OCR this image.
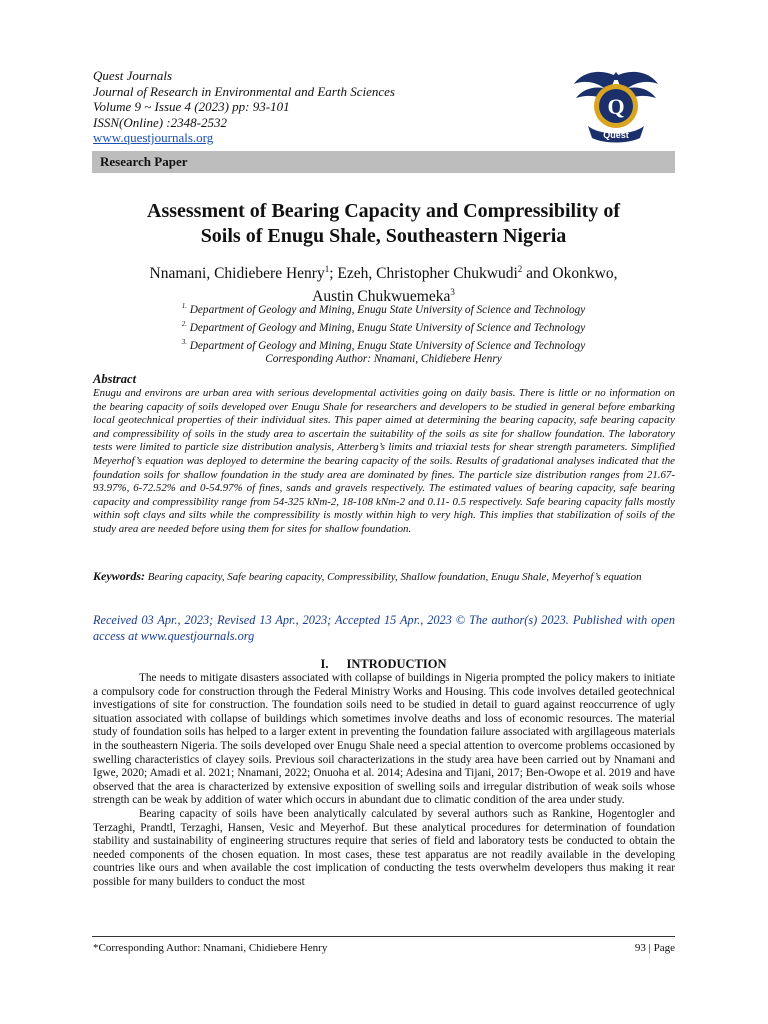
Quest Journals
Journal of Research in Environmental and Earth Sciences
Volume 9 ~ Issue 4 (2023) pp: 93-101
ISSN(Online) :2348-2532
www.questjournals.org
Q
Quest
Research Paper
Assessment of Bearing Capacity and Compressibility of
Soils of Enugu Shale, Southeastern Nigeria
Nnamani, Chidiebere Henry$^1$; Ezeh, Christopher Chukwudi$^2$ and Okonkwo,
Austin Chukwuemeka$^3$
$^{1.}$ Department of Geology and Mining, Enugu State University of Science and Technology
$^{2.}$ Department of Geology and Mining, Enugu State University of Science and Technology
$^{3.}$ Department of Geology and Mining, Enugu State University of Science and Technology
Corresponding Author: Nnamani, Chidiebere Henry
Abstract
Enugu and environs are urban area with serious developmental activities going on daily basis. There is little or no information on the bearing capacity of soils developed over Enugu Shale for researchers and developers to be studied in general before embarking local geotechnical properties of their individual sites. This paper aimed at determining the bearing capacity, safe bearing capacity and compressibility of soils in the study area to ascertain the suitability of the soils as site for shallow foundation. The laboratory tests were limited to particle size distribution analysis, Atterberg’s limits and triaxial tests for shear strength parameters. Simplified Meyerhof’s equation was deployed to determine the bearing capacity of the soils. Results of gradational analyses indicated that the foundation soils for shallow foundation in the study area are dominated by fines. The particle size distribution ranges from 21.67-93.97%, 6-72.52% and 0-54.97% of fines, sands and gravels respectively. The estimated values of bearing capacity, safe bearing capacity and compressibility range from 54-325 kNm-2, 18-108 kNm-2 and 0.11- 0.5 respectively. Safe bearing capacity falls mostly within soft clays and silts while the compressibility is mostly within high to very high. This implies that stabilization of soils of the study area are needed before using them for sites for shallow foundation.
Keywords: Bearing capacity, Safe bearing capacity, Compressibility, Shallow foundation, Enugu Shale, Meyerhof’s equation
Received 03 Apr., 2023; Revised 13 Apr., 2023; Accepted 15 Apr., 2023 © The author(s) 2023. Published with open access at www.questjournals.org
I. INTRODUCTION

The needs to mitigate disasters associated with collapse of buildings in Nigeria prompted the policy makers to initiate a compulsory code for construction through the Federal Ministry Works and Housing. This code involves detailed geotechnical investigations of site for construction. The foundation soils need to be studied in detail to guard against reoccurrence of ugly situation associated with collapse of buildings which sometimes involve deaths and loss of economic resources. The material study of foundation soils has helped to a larger extent in preventing the foundation failure associated with argillageous materials in the southeastern Nigeria. The soils developed over Enugu Shale need a special attention to overcome problems occasioned by swelling characteristics of clayey soils. Previous soil characterizations in the study area have been carried out by Nnamani and Igwe, 2020; Amadi et al. 2021; Nnamani, 2022; Onuoha et al. 2014; Adesina and Tijani, 2017; Ben-Owope et al. 2019 and have observed that the area is characterized by extensive exposition of swelling soils and irregular distribution of weak soils whose strength can be weak by addition of water which occurs in abundant due to climatic condition of the area under study.

Bearing capacity of soils have been analytically calculated by several authors such as Rankine, Hogentogler and Terzaghi, Prandtl, Terzaghi, Hansen, Vesic and Meyerhof. But these analytical procedures for determination of foundation stability and sustainability of engineering structures require that series of field and laboratory tests be conducted to obtain the needed components of the chosen equation. In most cases, these test apparatus are not readily available in the developing countries like ours and when available the cost implication of conducting the tests overwhelm developers thus making it rear possible for many builders to conduct the most

*Corresponding Author: Nnamani, Chidiebere Henry	93 | Page
